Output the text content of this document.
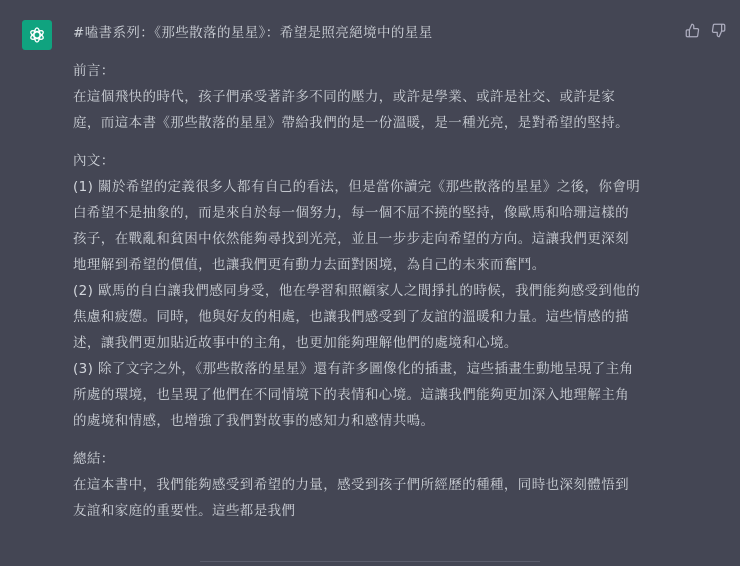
#嗑書系列：《那些散落的星星》：希望是照亮絕境中的星星

前言：

在這個飛快的時代，孩子們承受著許多不同的壓力，或許是學業、或許是社交、或許是家
庭，而這本書《那些散落的星星》帶給我們的是一份溫暖，是一種光亮，是對希望的堅持。

內文：

(1) 關於希望的定義很多人都有自己的看法，但是當你讀完《那些散落的星星》之後，你會明
白希望不是抽象的，而是來自於每一個努力，每一個不屈不撓的堅持，像歐馬和哈珊這樣的
孩子，在戰亂和貧困中依然能夠尋找到光亮，並且一步步走向希望的方向。這讓我們更深刻
地理解到希望的價值，也讓我們更有動力去面對困境，為自己的未來而奮鬥。

(2) 歐馬的自白讓我們感同身受，他在學習和照顧家人之間掙扎的時候，我們能夠感受到他的
焦慮和疲憊。同時，他與好友的相處，也讓我們感受到了友誼的溫暖和力量。這些情感的描
述，讓我們更加貼近故事中的主角，也更加能夠理解他們的處境和心境。

(3) 除了文字之外，《那些散落的星星》還有許多圖像化的插畫，這些插畫生動地呈現了主角
所處的環境，也呈現了他們在不同情境下的表情和心境。這讓我們能夠更加深入地理解主角
的處境和情感，也增強了我們對故事的感知力和感情共鳴。

總結：

在這本書中，我們能夠感受到希望的力量，感受到孩子們所經歷的種種，同時也深刻體悟到
友誼和家庭的重要性。這些都是我們
